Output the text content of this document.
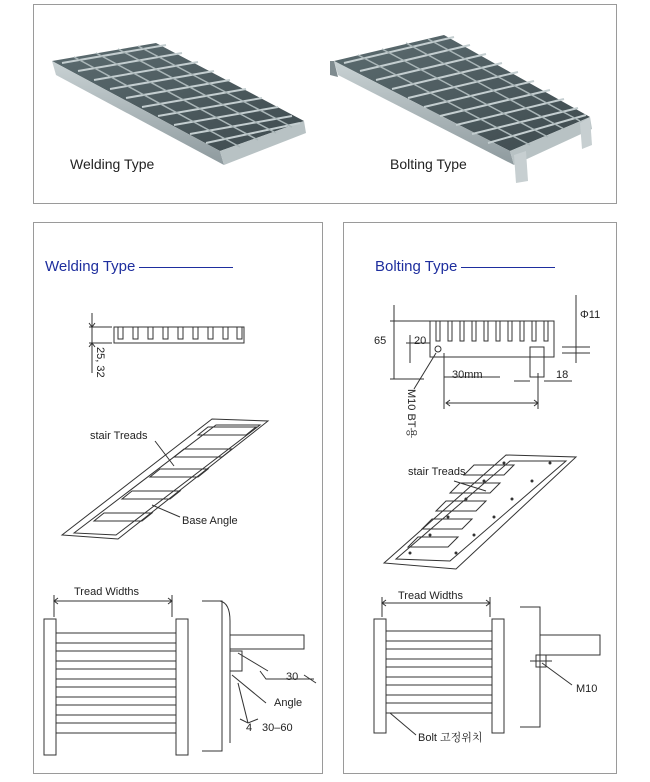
Welding Type	Bolting Type
Welding Type
25, 32
stair Treads
Base Angle
Tread Widths
30
Angle
4 30–60
Bolting Type
Φ11
65	20
30mm	18
M10 BT용
stair Treads
Tread Widths
M10
Bolt 고정위치
